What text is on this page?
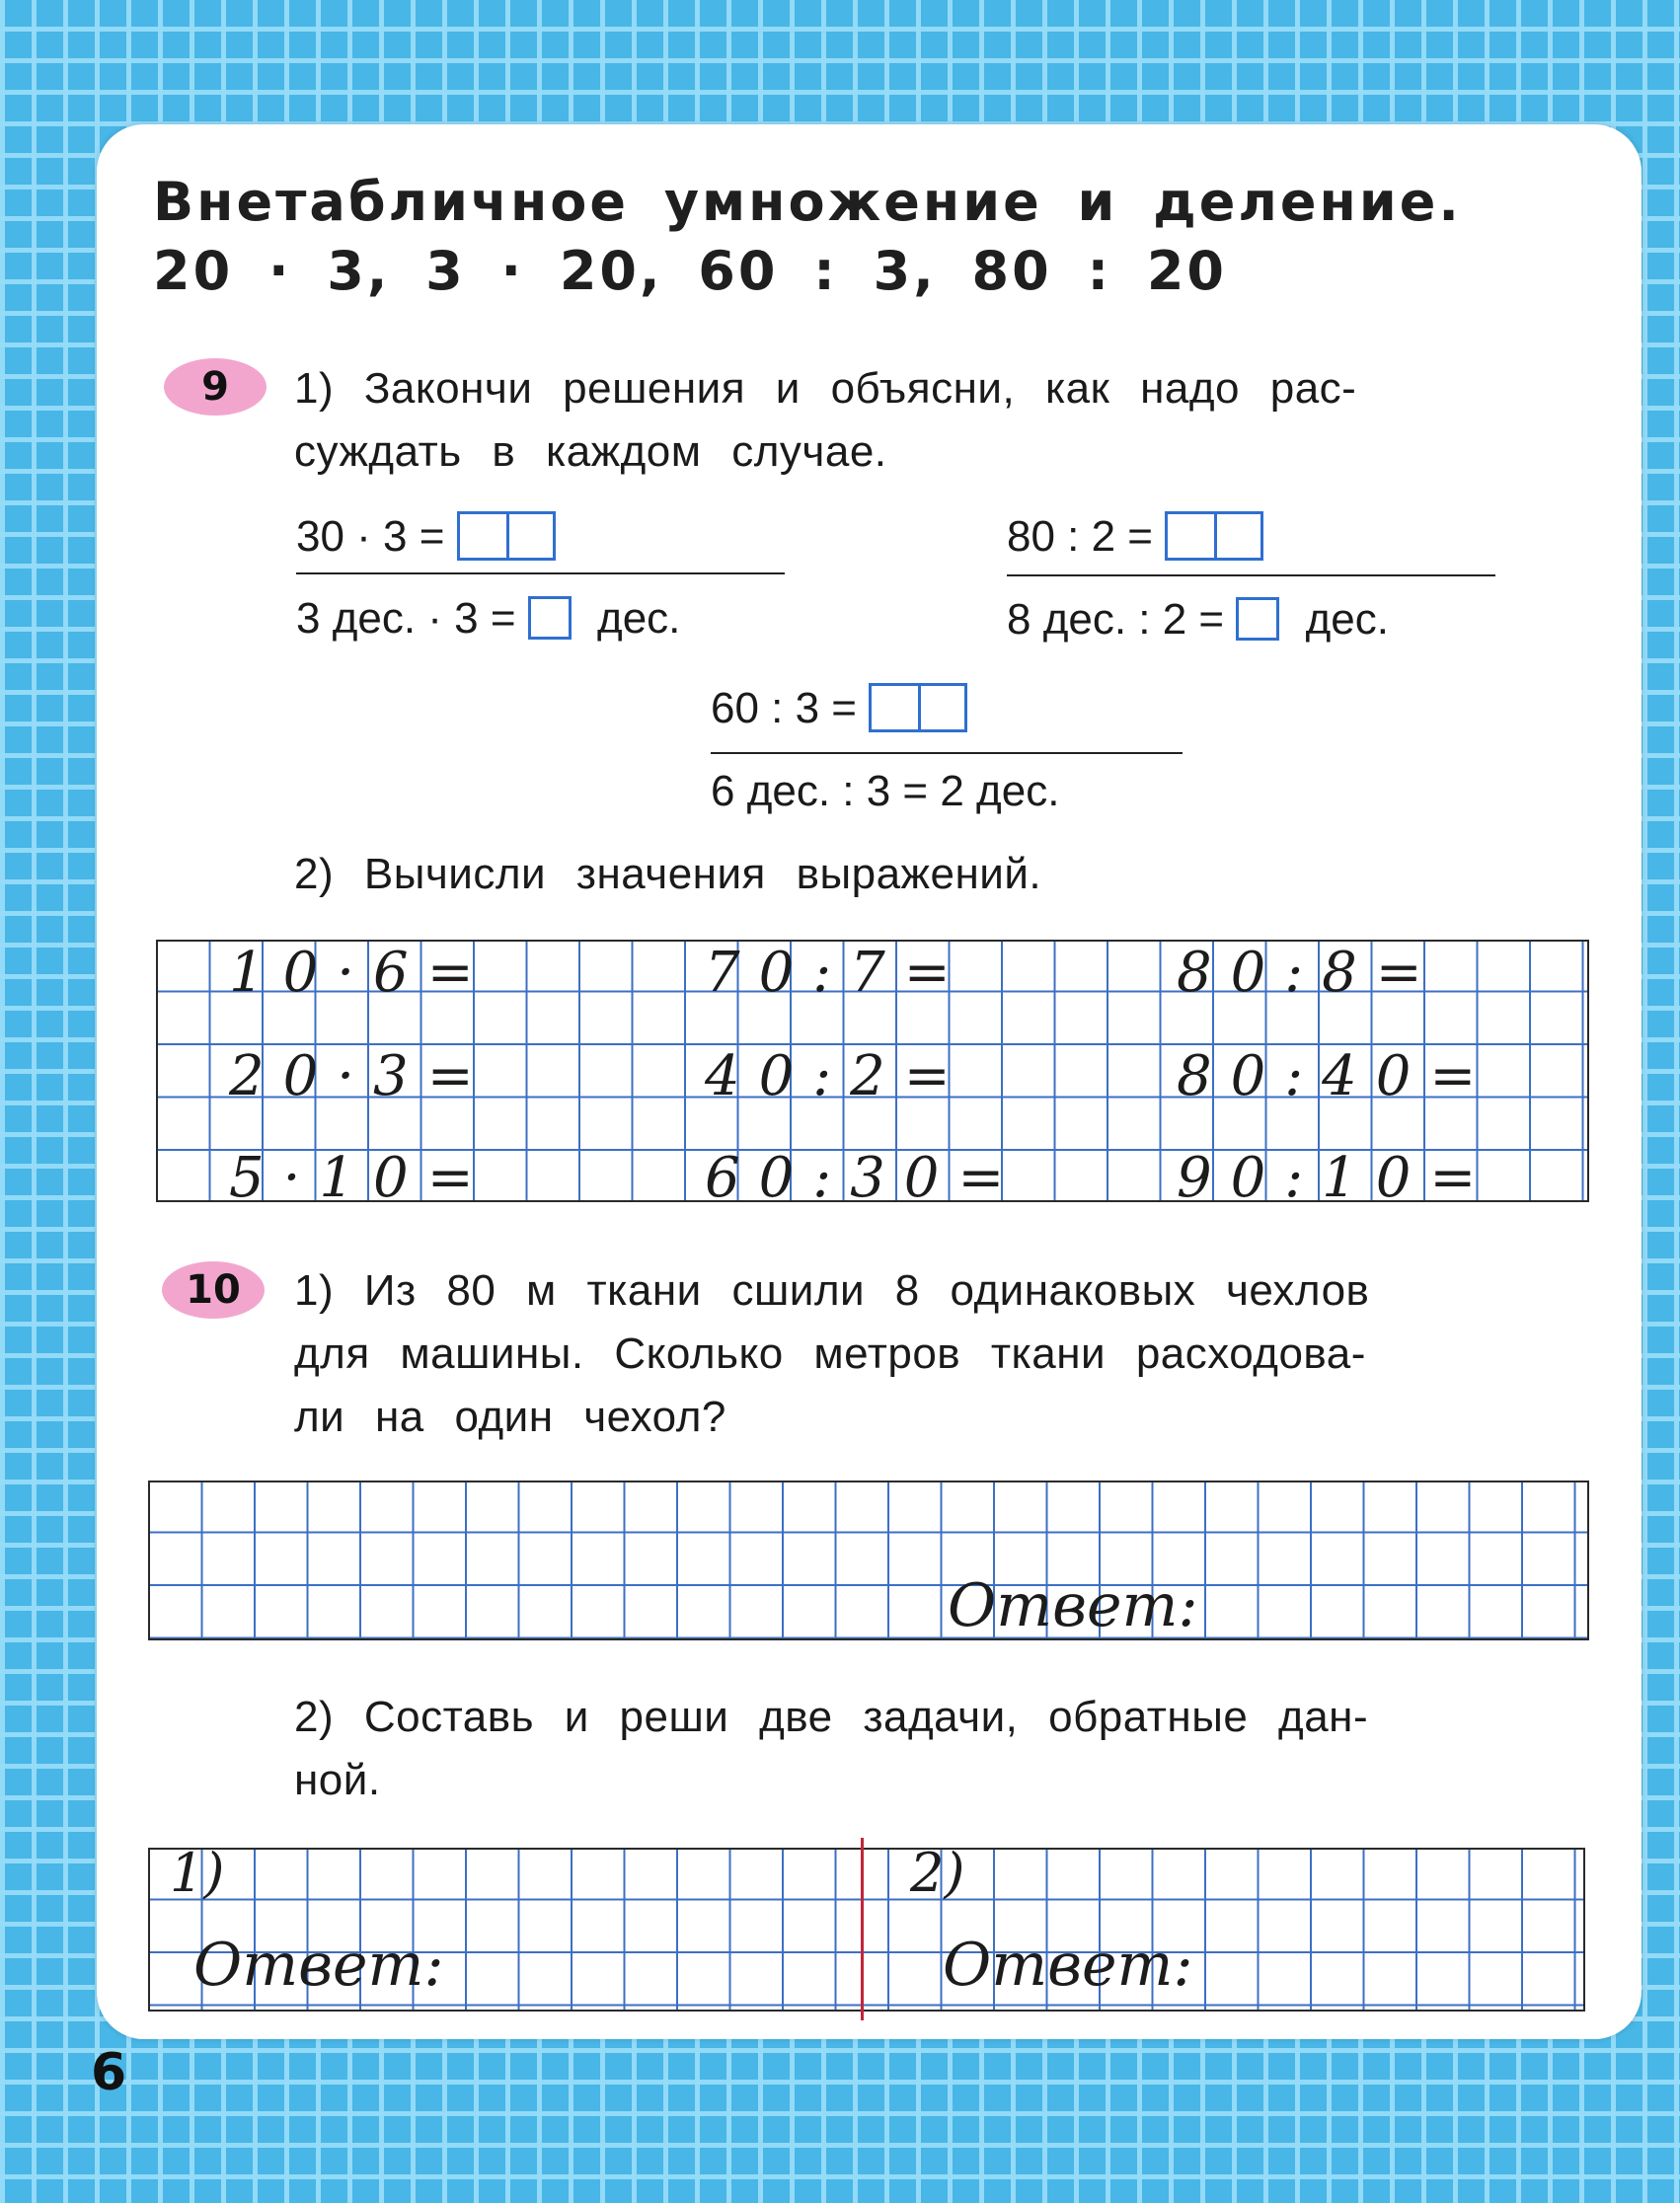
Внетабличное умножение и деление.
20 · 3, 3 · 20, 60 : 3, 80 : 20
9	1) Закончи решения и объясни, как надо рас-
суждать в каждом случае.

30 · 3 =
3 дес. · 3 = дес.
80 : 2 =
8 дес. : 2 = дес.
60 : 3 =
6 дес. : 3 = 2 дес.

2) Вычисли значения выражений.

10·6=	70:7=	80:8=
20·3=	40:2=	80:40=
5·10=	60:30=	90:10=
10	1) Из 80 м ткани сшили 8 одинаковых чехлов
для машины. Сколько метров ткани расходова-
ли на один чехол?

Ответ:

2) Составь и реши две задачи, обратные дан-
ной.

1)	2)
Ответ:	Ответ:
6
